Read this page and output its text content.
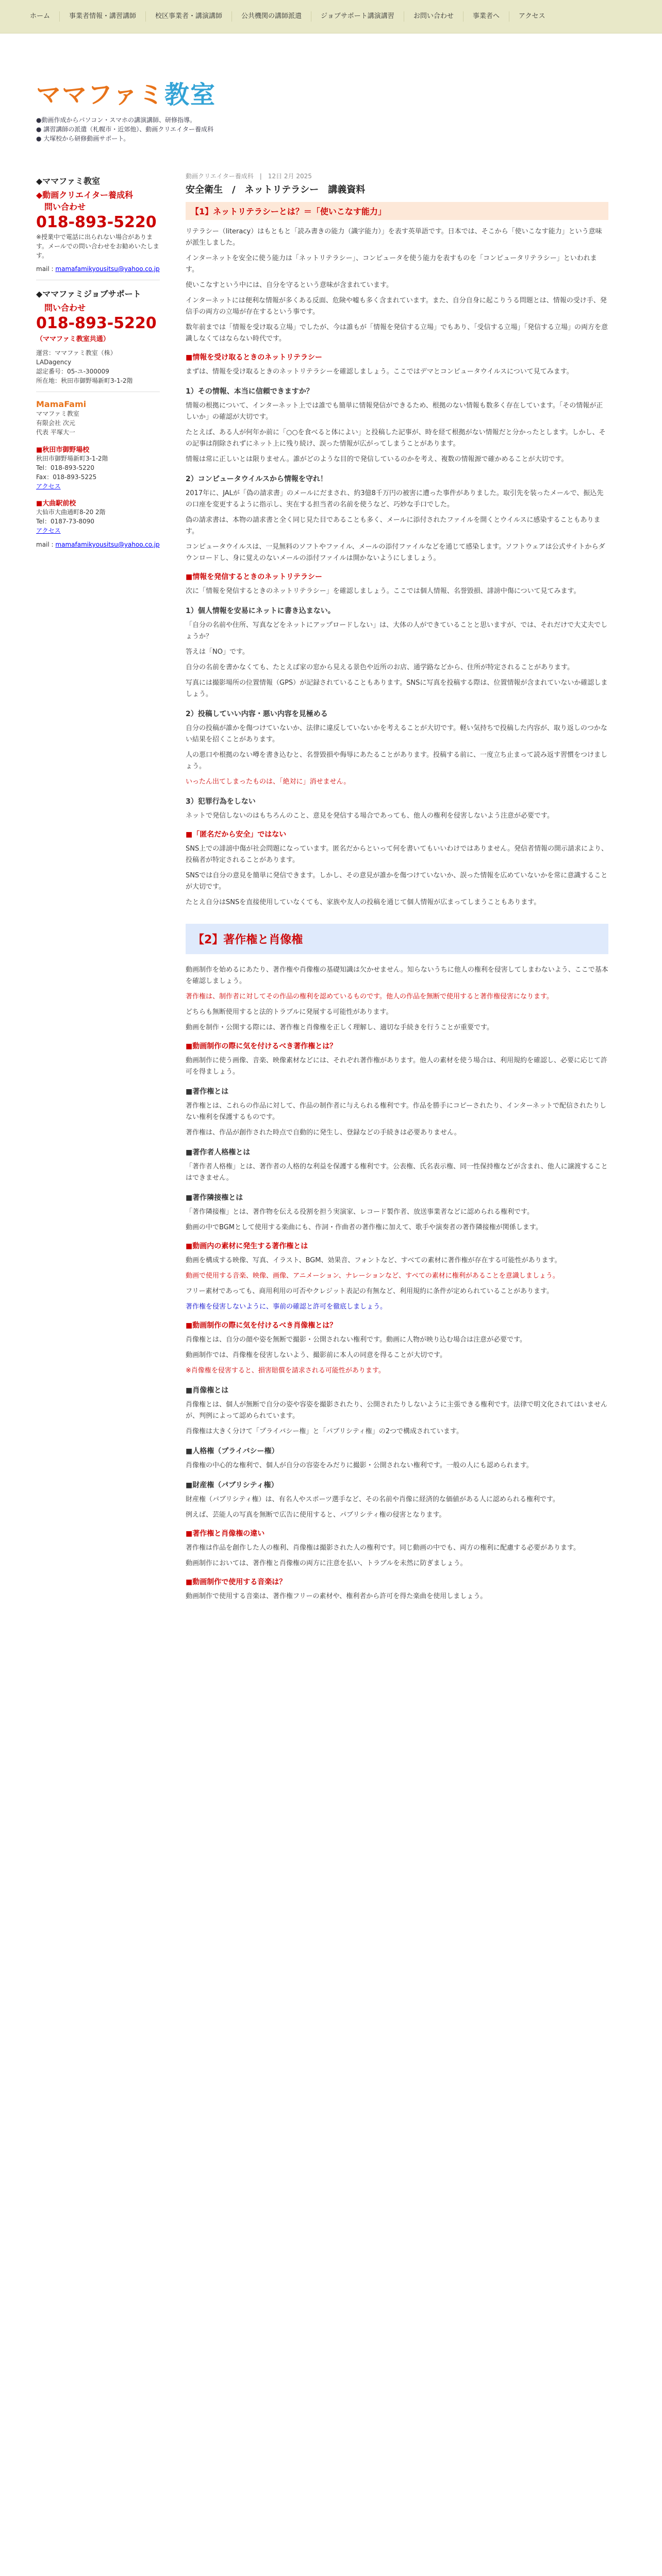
ホーム	事業者情報・講習講師	校区事業者・講演講師	公共機関の講師派遣	ジョブサポート講演講習	お問い合わせ	事業者へ	アクセス
ママファミ教室
●動画作成からパソコン・スマホの講演講師、研修指導。
● 講習講師の派遣（札幌市・近郊他）、動画クリエイター養成科
● 大塚校から研修動画サポート。
◆ママファミ教室
◆動画クリエイター養成科
問い合わせ
018-893-5220
※授業中で電話に出られない場合があります。メールでの問い合わせをお勧めいたします。
mail : mamafamikyousitsu@yahoo.co.jp
◆ママファミジョブサポート
問い合わせ
018-893-5220
（ママファミ教室共通）
運営：ママファミ教室（株）
LADagency
認定番号：05-ユ-300009
所在地：秋田市御野場新町3-1-2階
MamaFami
ママファミ教室
有限会社 次元
代表 平塚大一
■秋田市御野場校
秋田市御野場新町3-1-2階
Tel：018-893-5220
Fax：018-893-5225
アクセス
■大曲駅前校
大仙市大曲通町8-20 2階
Tel：0187-73-8090
アクセス
mail : mamafamikyousitsu@yahoo.co.jp
動画クリエイター養成科　|　12日 2月 2025
安全衛生　/　ネットリテラシー　講義資料
【1】ネットリテラシーとは？＝「使いこなす能力」

リテラシー（literacy）はもともと「読み書きの能力（識字能力）」を表す英単語です。日本では、そこから「使いこなす能力」という意味が派生しました。

インターネットを安全に使う能力は「ネットリテラシー」、コンピュータを使う能力を表すものを「コンピュータリテラシー」といわれます。

使いこなすという中には、自分を守るという意味が含まれています。

インターネットには便利な情報が多くある反面、危険や嘘も多く含まれています。また、自分自身に起こりうる問題とは、情報の受け手、発信手の両方の立場が存在するという事です。

数年前までは「情報を受け取る立場」でしたが、今は誰もが「情報を発信する立場」でもあり、「受信する立場」「発信する立場」の両方を意識しなくてはならない時代です。

■情報を受け取るときのネットリテラシー

まずは、情報を受け取るときのネットリテラシーを確認しましょう。ここではデマとコンピュータウイルスについて見てみます。

1）その情報、本当に信頼できますか？

情報の根拠について、インターネット上では誰でも簡単に情報発信ができるため、根拠のない情報も数多く存在しています。「その情報が正しいか」の確認が大切です。

たとえば、ある人が何年か前に「○○を食べると体によい」と投稿した記事が、時を経て根拠がない情報だと分かったとします。しかし、その記事は削除されずにネット上に残り続け、誤った情報が広がってしまうことがあります。

情報は常に正しいとは限りません。誰がどのような目的で発信しているのかを考え、複数の情報源で確かめることが大切です。

2）コンピュータウイルスから情報を守れ！

2017年に、JALが「偽の請求書」のメールにだまされ、約3億8千万円の被害に遭った事件がありました。取引先を装ったメールで、振込先の口座を変更するように指示し、実在する担当者の名前を使うなど、巧妙な手口でした。

偽の請求書は、本物の請求書と全く同じ見た目であることも多く、メールに添付されたファイルを開くとウイルスに感染することもあります。

コンピュータウイルスは、一見無料のソフトやファイル、メールの添付ファイルなどを通じて感染します。ソフトウェアは公式サイトからダウンロードし、身に覚えのないメールの添付ファイルは開かないようにしましょう。

■情報を発信するときのネットリテラシー

次に「情報を発信するときのネットリテラシー」を確認しましょう。ここでは個人情報、名誉毀損、誹謗中傷について見てみます。

1）個人情報を安易にネットに書き込まない。

「自分の名前や住所、写真などをネットにアップロードしない」は、大体の人ができていることと思いますが、では、それだけで大丈夫でしょうか？

答えは「NO」です。

自分の名前を書かなくても、たとえば家の窓から見える景色や近所のお店、通学路などから、住所が特定されることがあります。

写真には撮影場所の位置情報（GPS）が記録されていることもあります。SNSに写真を投稿する際は、位置情報が含まれていないか確認しましょう。

2）投稿していい内容・悪い内容を見極める

自分の投稿が誰かを傷つけていないか、法律に違反していないかを考えることが大切です。軽い気持ちで投稿した内容が、取り返しのつかない結果を招くことがあります。

人の悪口や根拠のない噂を書き込むと、名誉毀損や侮辱にあたることがあります。投稿する前に、一度立ち止まって読み返す習慣をつけましょう。

いったん出てしまったものは、「絶対に」消せません。

3）犯罪行為をしない

ネットで発信しないのはもちろんのこと、意見を発信する場合であっても、他人の権利を侵害しないよう注意が必要です。

■「匿名だから安全」ではない

SNS上での誹謗中傷が社会問題になっています。匿名だからといって何を書いてもいいわけではありません。発信者情報の開示請求により、投稿者が特定されることがあります。

SNSでは自分の意見を簡単に発信できます。しかし、その意見が誰かを傷つけていないか、誤った情報を広めていないかを常に意識することが大切です。

たとえ自分はSNSを直接使用していなくても、家族や友人の投稿を通じて個人情報が広まってしまうこともあります。

【2】著作権と肖像権

動画制作を始めるにあたり、著作権や肖像権の基礎知識は欠かせません。知らないうちに他人の権利を侵害してしまわないよう、ここで基本を確認しましょう。

著作権は、制作者に対してその作品の権利を認めているものです。他人の作品を無断で使用すると著作権侵害になります。

どちらも無断使用すると法的トラブルに発展する可能性があります。

動画を制作・公開する際には、著作権と肖像権を正しく理解し、適切な手続きを行うことが重要です。

■動画制作の際に気を付けるべき著作権とは？

動画制作に使う画像、音楽、映像素材などには、それぞれ著作権があります。他人の素材を使う場合は、利用規約を確認し、必要に応じて許可を得ましょう。

■著作権とは

著作権とは、これらの作品に対して、作品の制作者に与えられる権利です。作品を勝手にコピーされたり、インターネットで配信されたりしない権利を保護するものです。

著作権は、作品が創作された時点で自動的に発生し、登録などの手続きは必要ありません。

■著作者人格権とは

「著作者人格権」とは、著作者の人格的な利益を保護する権利です。公表権、氏名表示権、同一性保持権などが含まれ、他人に譲渡することはできません。

■著作隣接権とは

「著作隣接権」とは、著作物を伝える役割を担う実演家、レコード製作者、放送事業者などに認められる権利です。

動画の中でBGMとして使用する楽曲にも、作詞・作曲者の著作権に加えて、歌手や演奏者の著作隣接権が関係します。

■動画内の素材に発生する著作権とは

動画を構成する映像、写真、イラスト、BGM、効果音、フォントなど、すべての素材に著作権が存在する可能性があります。

動画で使用する音楽、映像、画像、アニメーション、ナレーションなど、すべての素材に権利があることを意識しましょう。

フリー素材であっても、商用利用の可否やクレジット表記の有無など、利用規約に条件が定められていることがあります。

著作権を侵害しないように、事前の確認と許可を徹底しましょう。

■動画制作の際に気を付けるべき肖像権とは？

肖像権とは、自分の顔や姿を無断で撮影・公開されない権利です。動画に人物が映り込む場合は注意が必要です。

動画制作では、肖像権を侵害しないよう、撮影前に本人の同意を得ることが大切です。

※肖像権を侵害すると、損害賠償を請求される可能性があります。

■肖像権とは

肖像権とは、個人が無断で自分の姿や容姿を撮影されたり、公開されたりしないように主張できる権利です。法律で明文化されてはいませんが、判例によって認められています。

肖像権は大きく分けて「プライバシー権」と「パブリシティ権」の2つで構成されています。

■人格権（プライバシー権）

肖像権の中心的な権利で、個人が自分の容姿をみだりに撮影・公開されない権利です。一般の人にも認められます。

■財産権（パブリシティ権）

財産権（パブリシティ権）は、有名人やスポーツ選手など、その名前や肖像に経済的な価値がある人に認められる権利です。

例えば、芸能人の写真を無断で広告に使用すると、パブリシティ権の侵害となります。

■著作権と肖像権の違い

著作権は作品を創作した人の権利、肖像権は撮影された人の権利です。同じ動画の中でも、両方の権利に配慮する必要があります。

動画制作においては、著作権と肖像権の両方に注意を払い、トラブルを未然に防ぎましょう。

■動画制作で使用する音楽は？

動画制作で使用する音楽は、著作権フリーの素材や、権利者から許可を得た楽曲を使用しましょう。
